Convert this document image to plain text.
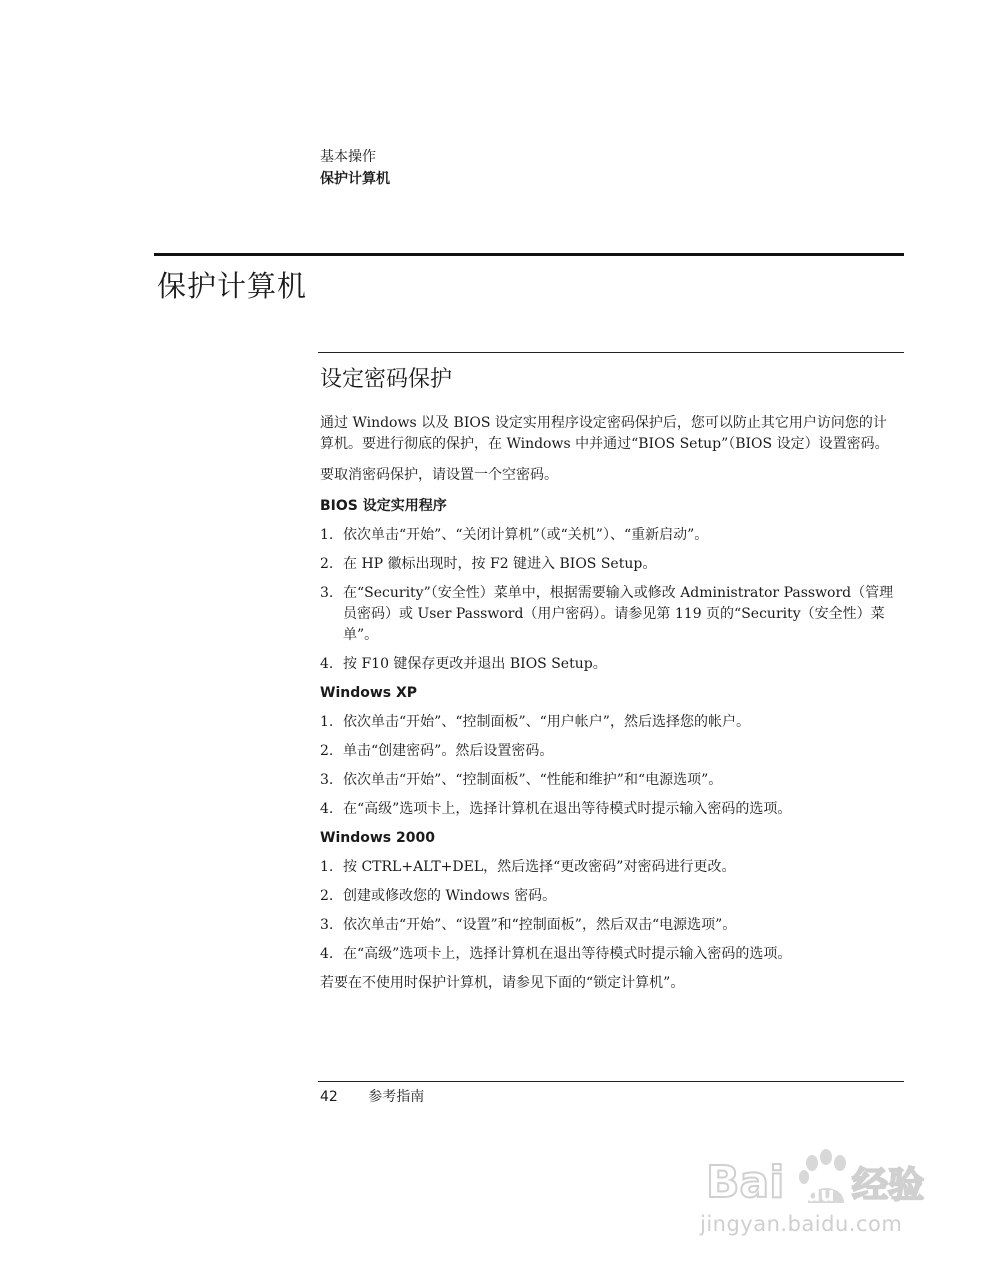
基本操作
保护计算机
保护计算机
设定密码保护

通过 Windows 以及 BIOS 设定实用程序设定密码保护后，您可以防止其它用户访问您的计算机。要进行彻底的保护，在 Windows 中并通过“BIOS Setup”（BIOS 设定）设置密码。

要取消密码保护，请设置一个空密码。

BIOS 设定实用程序
1. 依次单击“开始”、“关闭计算机”（或“关机”）、“重新启动”。
2. 在 HP 徽标出现时，按 F2 键进入 BIOS Setup。
3. 在“Security”（安全性）菜单中，根据需要输入或修改 Administrator Password（管理员密码）或 User Password（用户密码）。请参见第 119 页的“Security（安全性）菜单”。
4. 按 F10 键保存更改并退出 BIOS Setup。
Windows XP
1. 依次单击“开始”、“控制面板”、“用户帐户”，然后选择您的帐户。
2. 单击“创建密码”。然后设置密码。
3. 依次单击“开始”、“控制面板”、“性能和维护”和“电源选项”。
4. 在“高级”选项卡上，选择计算机在退出等待模式时提示输入密码的选项。
Windows 2000
1. 按 CTRL+ALT+DEL，然后选择“更改密码”对密码进行更改。
2. 创建或修改您的 Windows 密码。
3. 依次单击“开始”、“设置”和“控制面板”，然后双击“电源选项”。
4. 在“高级”选项卡上，选择计算机在退出等待模式时提示输入密码的选项。

若要在不使用时保护计算机，请参见下面的“锁定计算机”。

42 参考指南
Bai du 经验
jingyan.baidu.com
